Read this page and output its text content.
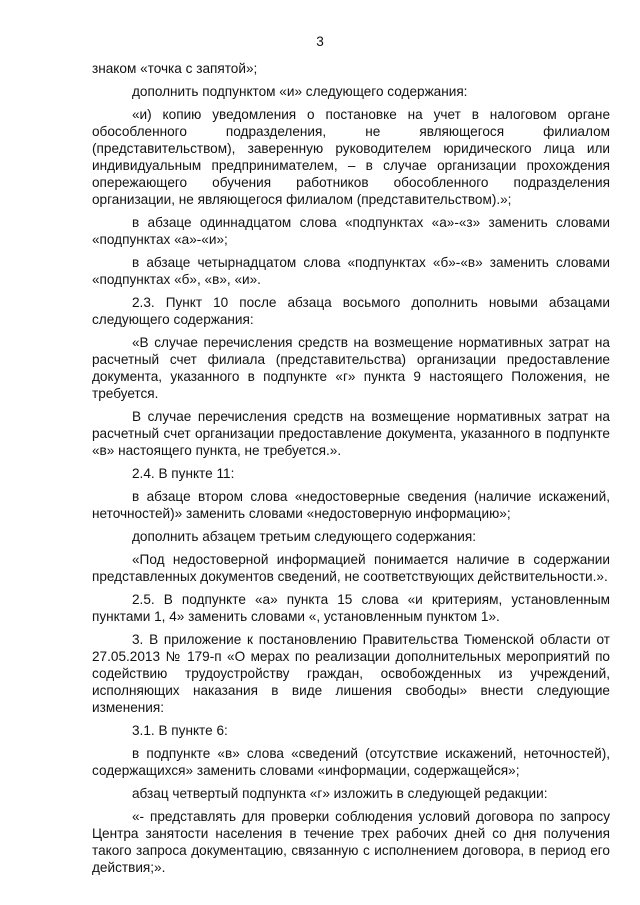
3

знаком «точка с запятой»;

дополнить подпунктом «и» следующего содержания:

«и) копию уведомления о постановке на учет в налоговом органе обособленного подразделения, не являющегося филиалом (представительством), заверенную руководителем юридического лица или индивидуальным предпринимателем, – в случае организации прохождения опережающего обучения работников обособленного подразделения организации, не являющегося филиалом (представительством).»;

в абзаце одиннадцатом слова «подпунктах «а»-«з» заменить словами «подпунктах «а»-«и»;

в абзаце четырнадцатом слова «подпунктах «б»-«в» заменить словами «подпунктах «б», «в», «и».

2.3. Пункт 10 после абзаца восьмого дополнить новыми абзацами следующего содержания:

«В случае перечисления средств на возмещение нормативных затрат на расчетный счет филиала (представительства) организации предоставление документа, указанного в подпункте «г» пункта 9 настоящего Положения, не требуется.

В случае перечисления средств на возмещение нормативных затрат на расчетный счет организации предоставление документа, указанного в подпункте «в» настоящего пункта, не требуется.».

2.4. В пункте 11:

в абзаце втором слова «недостоверные сведения (наличие искажений, неточностей)» заменить словами «недостоверную информацию»;

дополнить абзацем третьим следующего содержания:

«Под недостоверной информацией понимается наличие в содержании представленных документов сведений, не соответствующих действительности.».

2.5. В подпункте «а» пункта 15 слова «и критериям, установленным пунктами 1, 4» заменить словами «, установленным пунктом 1».

3. В приложение к постановлению Правительства Тюменской области от 27.05.2013 № 179-п «О мерах по реализации дополнительных мероприятий по содействию трудоустройству граждан, освобожденных из учреждений, исполняющих наказания в виде лишения свободы» внести следующие изменения:

3.1. В пункте 6:

в подпункте «в» слова «сведений (отсутствие искажений, неточностей), содержащихся» заменить словами «информации, содержащейся»;

абзац четвертый подпункта «г» изложить в следующей редакции:

«- представлять для проверки соблюдения условий договора по запросу Центра занятости населения в течение трех рабочих дней со дня получения такого запроса документацию, связанную с исполнением договора, в период его действия;».
